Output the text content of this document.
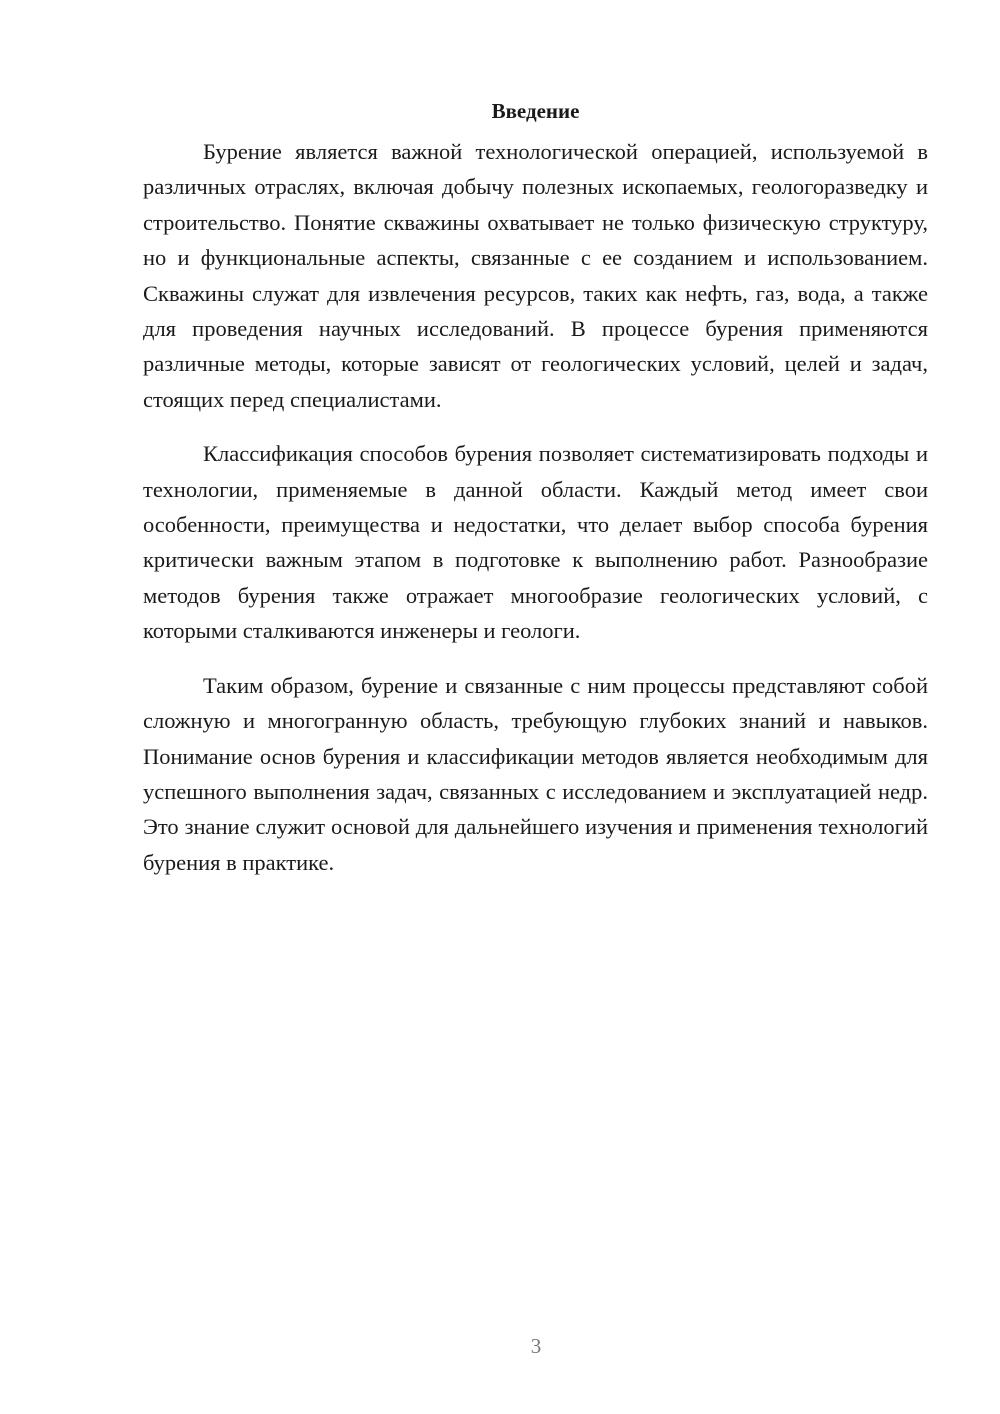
Введение

Бурение является важной технологической операцией, используемой в различных отраслях, включая добычу полезных ископаемых, геологоразведку и строительство. Понятие скважины охватывает не только физическую структуру, но и функциональные аспекты, связанные с ее созданием и использованием. Скважины служат для извлечения ресурсов, таких как нефть, газ, вода, а также для проведения научных исследований. В процессе бурения применяются различные методы, которые зависят от геологических условий, целей и задач, стоящих перед специалистами.

Классификация способов бурения позволяет систематизировать подходы и технологии, применяемые в данной области. Каждый метод имеет свои особенности, преимущества и недостатки, что делает выбор способа бурения критически важным этапом в подготовке к выполнению работ. Разнообразие методов бурения также отражает многообразие геологических условий, с которыми сталкиваются инженеры и геологи.

Таким образом, бурение и связанные с ним процессы представляют собой сложную и многогранную область, требующую глубоких знаний и навыков. Понимание основ бурения и классификации методов является необходимым для успешного выполнения задач, связанных с исследованием и эксплуатацией недр. Это знание служит основой для дальнейшего изучения и применения технологий бурения в практике.

3
